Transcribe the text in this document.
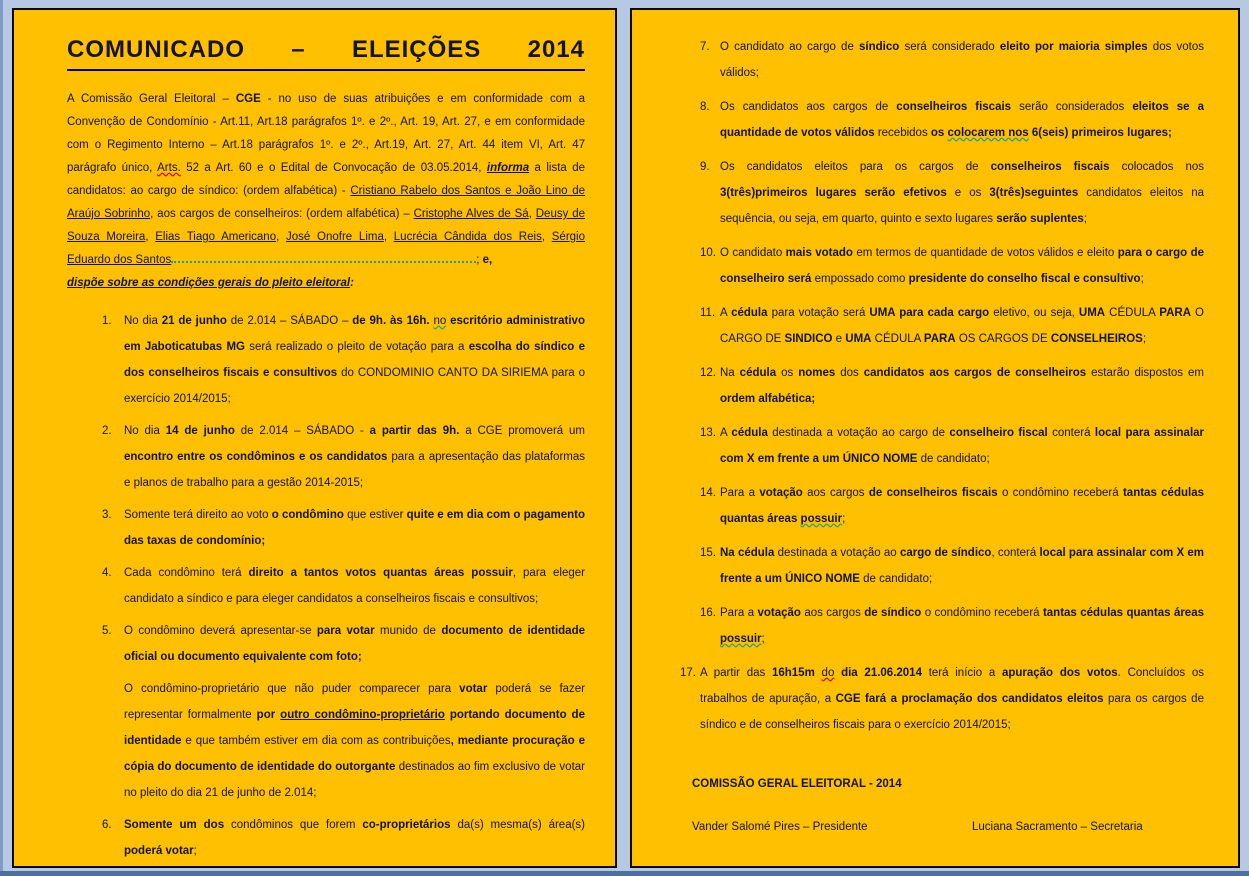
COMUNICADO – ELEIÇÕES 2014

A Comissão Geral Eleitoral – CGE - no uso de suas atribuições e em conformidade com a Convenção de Condomínio - Art.11, Art.18 parágrafos 1º. e 2º., Art. 19, Art. 27, e em conformidade com o Regimento Interno – Art.18 parágrafos 1º. e 2º., Art.19, Art. 27, Art. 44 item VI, Art. 47 parágrafo único, Arts. 52 a Art. 60 e o Edital de Convocação de 03.05.2014, informa a lista de candidatos: ao cargo de síndico: (ordem alfabética) - Cristiano Rabelo dos Santos e João Lino de Araújo Sobrinho, aos cargos de conselheiros: (ordem alfabética) – Cristophe Alves de Sá, Deusy de Souza Moreira, Elias Tiago Americano, José Onofre Lima, Lucrécia Cândida dos Reis, Sérgio Eduardo dos Santos	; e,

dispõe sobre as condições gerais do pleito eleitoral:

1.	No dia 21 de junho de 2.014 – SÁBADO – de 9h. às 16h. no escritório administrativo em Jaboticatubas MG será realizado o pleito de votação para a escolha do síndico e dos conselheiros fiscais e consultivos do CONDOMINIO CANTO DA SIRIEMA para o exercício 2014/2015;

2.	No dia 14 de junho de 2.014 – SÁBADO - a partir das 9h. a CGE promoverá um encontro entre os condôminos e os candidatos para a apresentação das plataformas e planos de trabalho para a gestão 2014-2015;

3.	Somente terá direito ao voto o condômino que estiver quite e em dia com o pagamento das taxas de condomínio;

4.	Cada condômino terá direito a tantos votos quantas áreas possuir, para eleger candidato a síndico e para eleger candidatos a conselheiros fiscais e consultivos;

5.	O condômino deverá apresentar-se para votar munido de documento de identidade oficial ou documento equivalente com foto;

O condômino-proprietário que não puder comparecer para votar poderá se fazer representar formalmente por outro condômino-proprietário portando documento de identidade e que também estiver em dia com as contribuições, mediante procuração e cópia do documento de identidade do outorgante destinados ao fim exclusivo de votar no pleito do dia 21 de junho de 2.014;

6.	Somente um dos condôminos que forem co-proprietários da(s) mesma(s) área(s) poderá votar;

7. O candidato ao cargo de síndico será considerado eleito por maioria simples dos votos válidos;

8. Os candidatos aos cargos de conselheiros fiscais serão considerados eleitos se a quantidade de votos válidos recebidos os colocarem nos 6(seis) primeiros lugares;

9. Os candidatos eleitos para os cargos de conselheiros fiscais colocados nos 3(três)primeiros lugares serão efetivos e os 3(três)seguintes candidatos eleitos na sequência, ou seja, em quarto, quinto e sexto lugares serão suplentes;

10. O candidato mais votado em termos de quantidade de votos válidos e eleito para o cargo de conselheiro será empossado como presidente do conselho fiscal e consultivo;

11. A cédula para votação será UMA para cada cargo eletivo, ou seja, UMA CÉDULA PARA O CARGO DE SINDICO e UMA CÉDULA PARA OS CARGOS DE CONSELHEIROS;

12. Na cédula os nomes dos candidatos aos cargos de conselheiros estarão dispostos em ordem alfabética;

13. A cédula destinada a votação ao cargo de conselheiro fiscal conterá local para assinalar com X em frente a um ÚNICO NOME de candidato;

14. Para a votação aos cargos de conselheiros fiscais o condômino receberá tantas cédulas quantas áreas possuir;

15. Na cédula destinada a votação ao cargo de síndico, conterá local para assinalar com X em frente a um ÚNICO NOME de candidato;

16. Para a votação aos cargos de síndico o condômino receberá tantas cédulas quantas áreas possuir;

17. A partir das 16h15m do dia 21.06.2014 terá início a apuração dos votos. Concluídos os trabalhos de apuração, a CGE fará a proclamação dos candidatos eleitos para os cargos de síndico e de conselheiros fiscais para o exercício 2014/2015;

COMISSÃO GERAL ELEITORAL - 2014

Vander Salomé Pires – Presidente	Luciana Sacramento – Secretaria
